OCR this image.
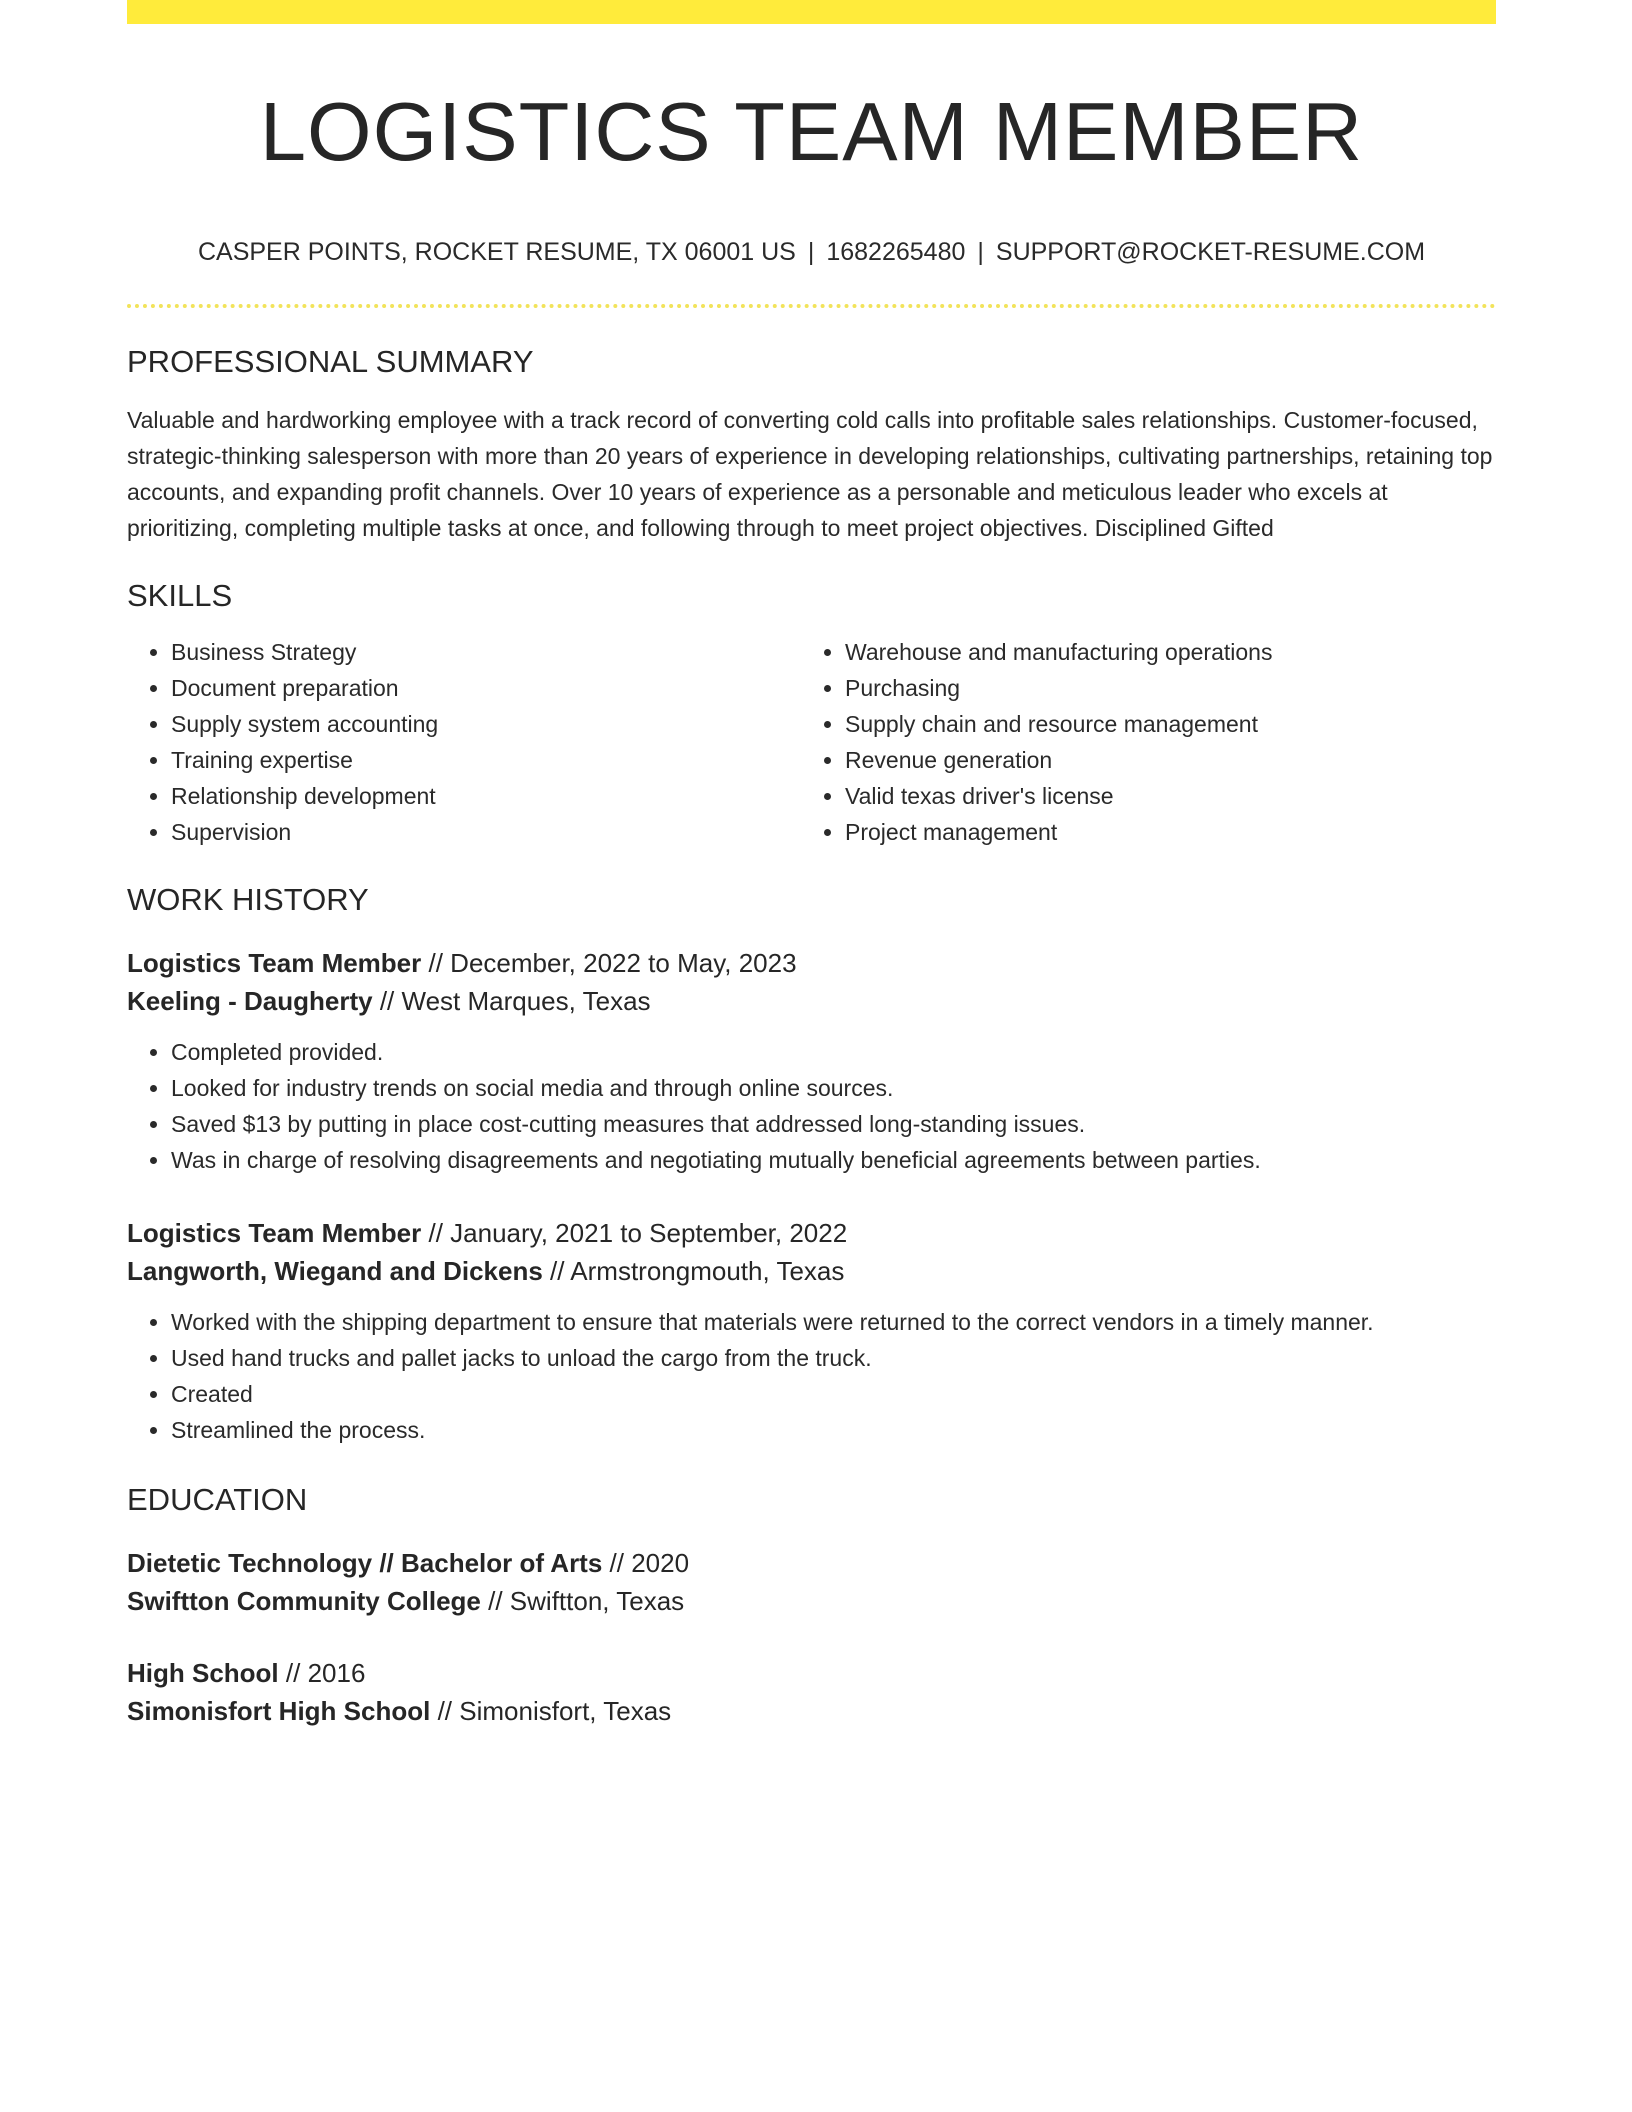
LOGISTICS TEAM MEMBER
CASPER POINTS, ROCKET RESUME, TX 06001 US | 1682265480 | SUPPORT@ROCKET-RESUME.COM
PROFESSIONAL SUMMARY
Valuable and hardworking employee with a track record of converting cold calls into profitable sales relationships. Customer-focused, strategic-thinking salesperson with more than 20 years of experience in developing relationships, cultivating partnerships, retaining top accounts, and expanding profit channels. Over 10 years of experience as a personable and meticulous leader who excels at prioritizing, completing multiple tasks at once, and following through to meet project objectives. Disciplined Gifted
SKILLS
• Business Strategy
• Document preparation
• Supply system accounting
• Training expertise
• Relationship development
• Supervision
• Warehouse and manufacturing operations
• Purchasing
• Supply chain and resource management
• Revenue generation
• Valid texas driver's license
• Project management
WORK HISTORY
Logistics Team Member // December, 2022 to May, 2023
Keeling - Daugherty // West Marques, Texas
• Completed provided.
• Looked for industry trends on social media and through online sources.
• Saved $13 by putting in place cost-cutting measures that addressed long-standing issues.
• Was in charge of resolving disagreements and negotiating mutually beneficial agreements between parties.
Logistics Team Member // January, 2021 to September, 2022
Langworth, Wiegand and Dickens // Armstrongmouth, Texas
• Worked with the shipping department to ensure that materials were returned to the correct vendors in a timely manner.
• Used hand trucks and pallet jacks to unload the cargo from the truck.
• Created
• Streamlined the process.
EDUCATION
Dietetic Technology // Bachelor of Arts // 2020
Swiftton Community College // Swiftton, Texas
High School // 2016
Simonisfort High School // Simonisfort, Texas
